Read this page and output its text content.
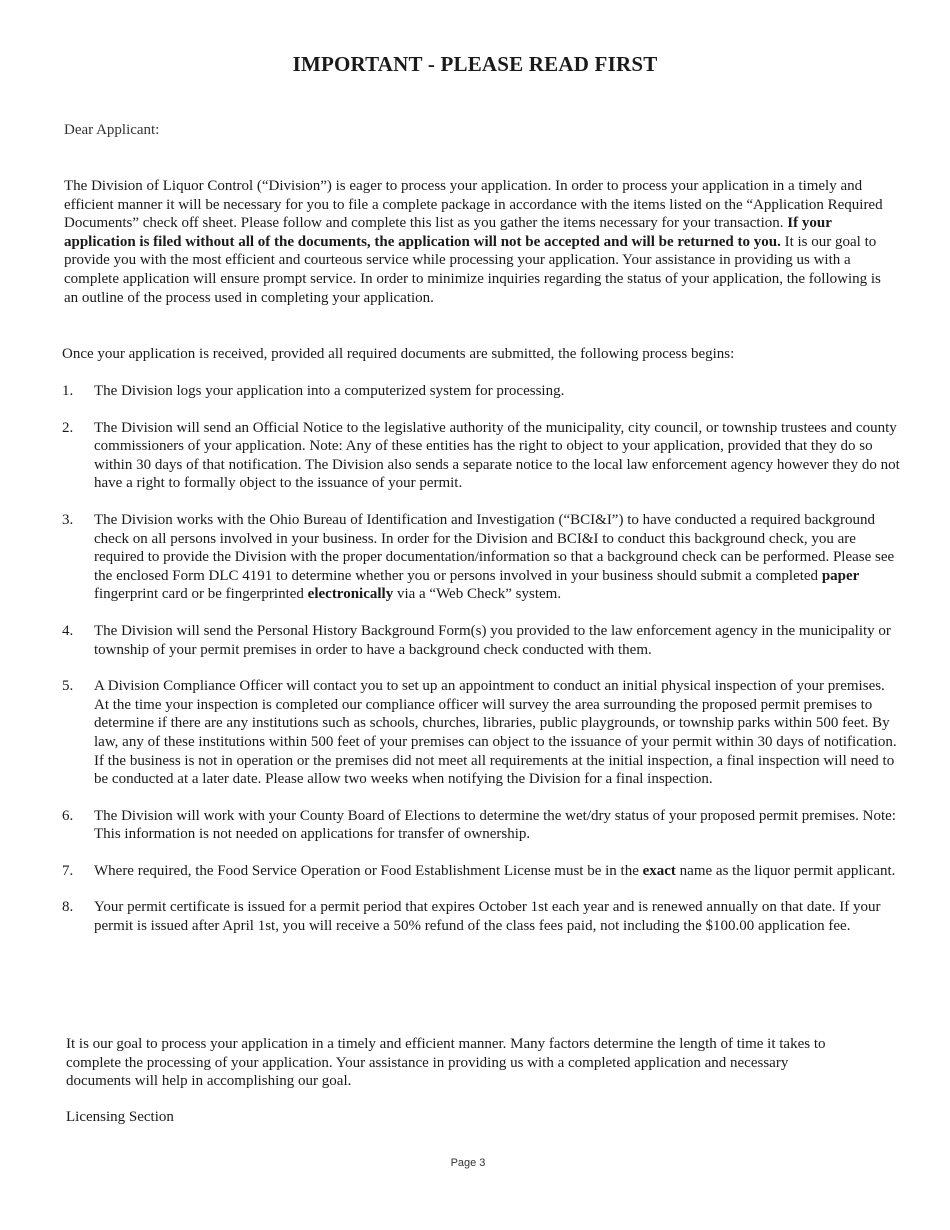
IMPORTANT - PLEASE READ FIRST
Dear Applicant:

The Division of Liquor Control (“Division”) is eager to process your application. In order to process your application in a timely and efficient manner it will be necessary for you to file a complete package in accordance with the items listed on the “Application Required Documents” check off sheet. Please follow and complete this list as you gather the items necessary for your transaction. If your application is filed without all of the documents, the application will not be accepted and will be returned to you. It is our goal to provide you with the most efficient and courteous service while processing your application. Your assistance in providing us with a complete application will ensure prompt service. In order to minimize inquiries regarding the status of your application, the following is an outline of the process used in completing your application.

Once your application is received, provided all required documents are submitted, the following process begins:

1. The Division logs your application into a computerized system for processing.
2. The Division will send an Official Notice to the legislative authority of the municipality, city council, or township trustees and county commissioners of your application. Note: Any of these entities has the right to object to your application, provided that they do so within 30 days of that notification. The Division also sends a separate notice to the local law enforcement agency however they do not have a right to formally object to the issuance of your permit.
3. The Division works with the Ohio Bureau of Identification and Investigation (“BCI&I”) to have conducted a required background check on all persons involved in your business. In order for the Division and BCI&I to conduct this background check, you are required to provide the Division with the proper documentation/information so that a background check can be performed. Please see the enclosed Form DLC 4191 to determine whether you or persons involved in your business should submit a completed paper fingerprint card or be fingerprinted electronically via a “Web Check” system.
4. The Division will send the Personal History Background Form(s) you provided to the law enforcement agency in the municipality or township of your permit premises in order to have a background check conducted with them.
5. A Division Compliance Officer will contact you to set up an appointment to conduct an initial physical inspection of your premises. At the time your inspection is completed our compliance officer will survey the area surrounding the proposed permit premises to determine if there are any institutions such as schools, churches, libraries, public playgrounds, or township parks within 500 feet. By law, any of these institutions within 500 feet of your premises can object to the issuance of your permit within 30 days of notification. If the business is not in operation or the premises did not meet all requirements at the initial inspection, a final inspection will need to be conducted at a later date. Please allow two weeks when notifying the Division for a final inspection.
6. The Division will work with your County Board of Elections to determine the wet/dry status of your proposed permit premises. Note: This information is not needed on applications for transfer of ownership.
7. Where required, the Food Service Operation or Food Establishment License must be in the exact name as the liquor permit applicant.
8. Your permit certificate is issued for a permit period that expires October 1st each year and is renewed annually on that date. If your permit is issued after April 1st, you will receive a 50% refund of the class fees paid, not including the $100.00 application fee.

It is our goal to process your application in a timely and efficient manner. Many factors determine the length of time it takes to complete the processing of your application. Your assistance in providing us with a completed application and necessary documents will help in accomplishing our goal.

Licensing Section
Page 3
